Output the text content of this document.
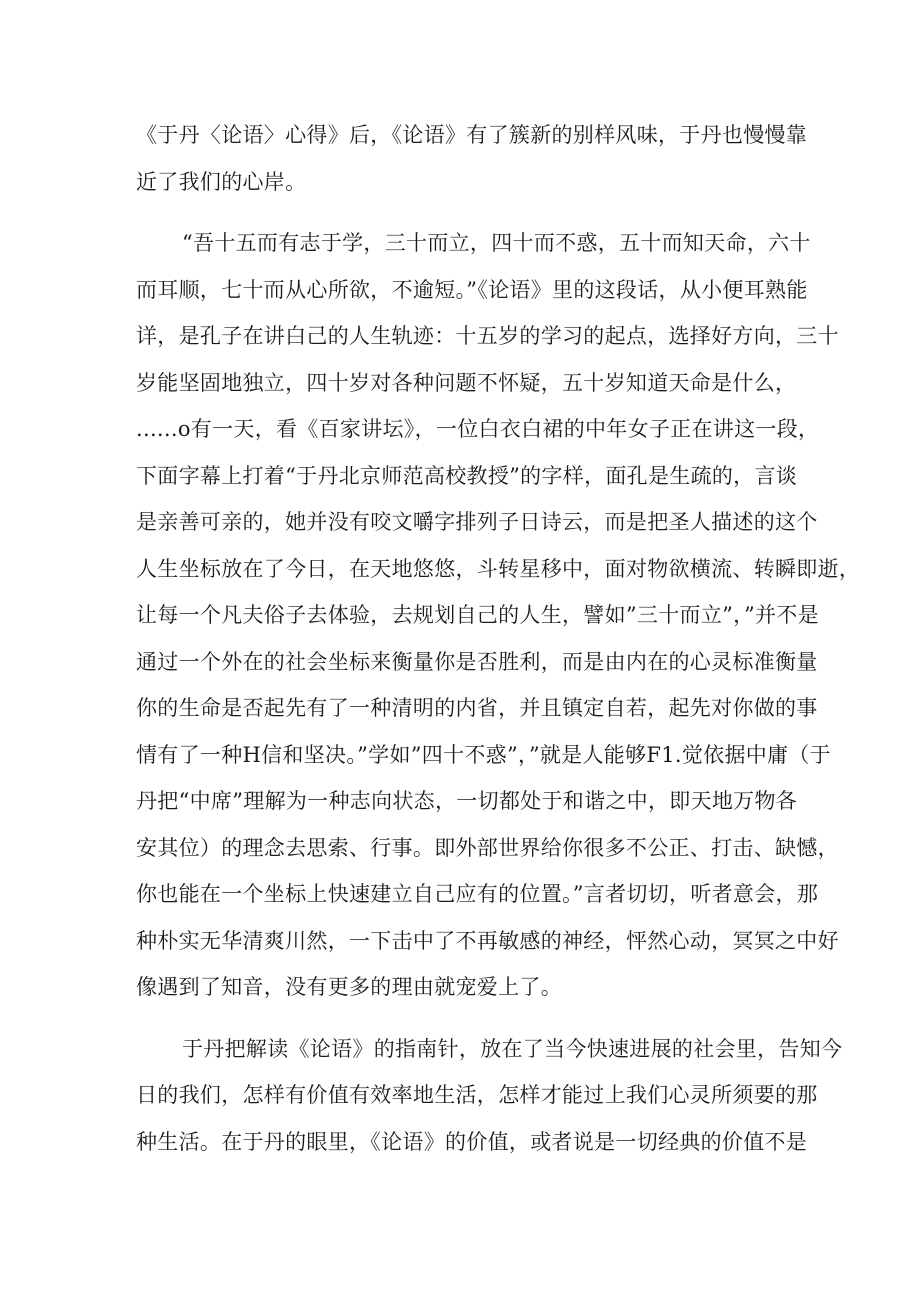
《于丹〈论语〉心得》后，《论语》有了簇新的别样风味，于丹也慢慢靠
近了我们的心岸。
“吾十五而有志于学，三十而立，四十而不惑，五十而知天命，六十
而耳顺，七十而从心所欲，不逾短。”《论语》里的这段话，从小便耳熟能
详，是孔子在讲白己的人生轨迹：十五岁的学习的起点，选择好方向，三十
岁能坚固地独立，四十岁对各种问题不怀疑，五十岁知道天命是什么，
......o有一天，看《百家讲坛》，一位白衣白裙的中年女子正在讲这一段，
下面字幕上打着“于丹北京师范高校教授”的字样，面孔是生疏的，言谈
是亲善可亲的，她并没有咬文嚼字排列子日诗云，而是把圣人描述的这个
人生坐标放在了今日，在天地悠悠，斗转星移中，面对物欲横流、转瞬即逝，
让每一个凡夫俗子去体验，去规划自己的人生，譬如”三十而立”，”并不是
通过一个外在的社会坐标来衡量你是否胜利，而是由内在的心灵标准衡量
你的生命是否起先有了一种清明的内省，并且镇定自若，起先对你做的事
情有了一种H信和坚决。”学如”四十不惑”，”就是人能够F1.觉依据中庸（于
丹把“中席”理解为一种志向状态，一切都处于和谐之中，即天地万物各
安其位）的理念去思索、行事。即外部世界给你很多不公正、打击、缺憾，
你也能在一个坐标上快速建立自己应有的位置。”言者切切，听者意会，那
种朴实无华清爽川然，一下击中了不再敏感的神经，怦然心动，冥冥之中好
像遇到了知音，没有更多的理由就宠爱上了。
于丹把解读《论语》的指南针，放在了当今快速进展的社会里，告知今
日的我们，怎样有价值有效率地生活，怎样才能过上我们心灵所须要的那
种生活。在于丹的眼里，《论语》的价值，或者说是一切经典的价值不是
